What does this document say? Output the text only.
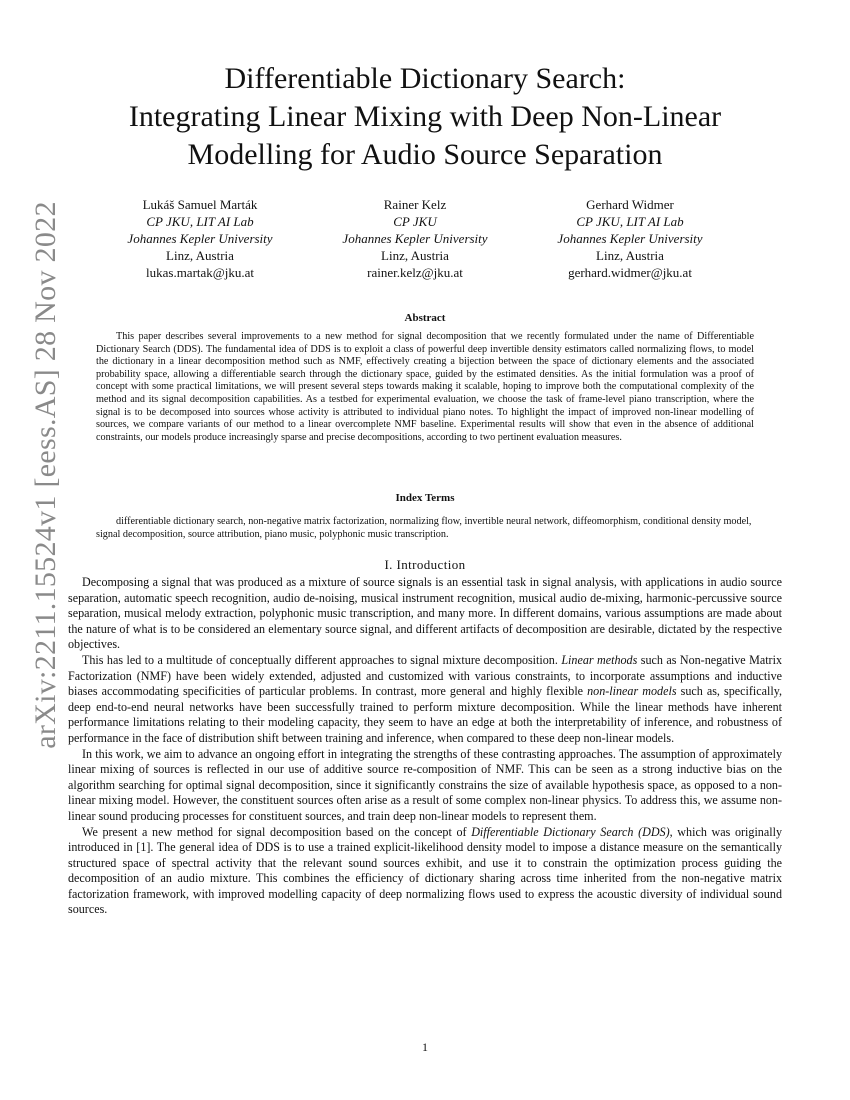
arXiv:2211.15524v1 [eess.AS] 28 Nov 2022
Differentiable Dictionary Search:
Integrating Linear Mixing with Deep Non-Linear
Modelling for Audio Source Separation
Lukáš Samuel Marták
CP JKU, LIT AI Lab
Johannes Kepler University
Linz, Austria
lukas.martak@jku.at
Rainer Kelz
CP JKU
Johannes Kepler University
Linz, Austria
rainer.kelz@jku.at
Gerhard Widmer
CP JKU, LIT AI Lab
Johannes Kepler University
Linz, Austria
gerhard.widmer@jku.at
Abstract

This paper describes several improvements to a new method for signal decomposition that we recently formulated under the name of Differentiable Dictionary Search (DDS). The fundamental idea of DDS is to exploit a class of powerful deep invertible density estimators called normalizing flows, to model the dictionary in a linear decomposition method such as NMF, effectively creating a bijection between the space of dictionary elements and the associated probability space, allowing a differentiable search through the dictionary space, guided by the estimated densities. As the initial formulation was a proof of concept with some practical limitations, we will present several steps towards making it scalable, hoping to improve both the computational complexity of the method and its signal decomposition capabilities. As a testbed for experimental evaluation, we choose the task of frame-level piano transcription, where the signal is to be decomposed into sources whose activity is attributed to individual piano notes. To highlight the impact of improved non-linear modelling of sources, we compare variants of our method to a linear overcomplete NMF baseline. Experimental results will show that even in the absence of additional constraints, our models produce increasingly sparse and precise decompositions, according to two pertinent evaluation measures.

Index Terms

differentiable dictionary search, non-negative matrix factorization, normalizing flow, invertible neural network, diffeomorphism, conditional density model, signal decomposition, source attribution, piano music, polyphonic music transcription.

I. Introduction

Decomposing a signal that was produced as a mixture of source signals is an essential task in signal analysis, with applications in audio source separation, automatic speech recognition, audio de-noising, musical instrument recognition, musical audio de-mixing, harmonic-percussive source separation, musical melody extraction, polyphonic music transcription, and many more. In different domains, various assumptions are made about the nature of what is to be considered an elementary source signal, and different artifacts of decomposition are desirable, dictated by the respective objectives.

This has led to a multitude of conceptually different approaches to signal mixture decomposition. Linear methods such as Non-negative Matrix Factorization (NMF) have been widely extended, adjusted and customized with various constraints, to incorporate assumptions and inductive biases accommodating specificities of particular problems. In contrast, more general and highly flexible non-linear models such as, specifically, deep end-to-end neural networks have been successfully trained to perform mixture decomposition. While the linear methods have inherent performance limitations relating to their modeling capacity, they seem to have an edge at both the interpretability of inference, and robustness of performance in the face of distribution shift between training and inference, when compared to these deep non-linear models.

In this work, we aim to advance an ongoing effort in integrating the strengths of these contrasting approaches. The assumption of approximately linear mixing of sources is reflected in our use of additive source re-composition of NMF. This can be seen as a strong inductive bias on the algorithm searching for optimal signal decomposition, since it significantly constrains the size of available hypothesis space, as opposed to a non-linear mixing model. However, the constituent sources often arise as a result of some complex non-linear physics. To address this, we assume non-linear sound producing processes for constituent sources, and train deep non-linear models to represent them.

We present a new method for signal decomposition based on the concept of Differentiable Dictionary Search (DDS), which was originally introduced in [1]. The general idea of DDS is to use a trained explicit-likelihood density model to impose a distance measure on the semantically structured space of spectral activity that the relevant sound sources exhibit, and use it to constrain the optimization process guiding the decomposition of an audio mixture. This combines the efficiency of dictionary sharing across time inherited from the non-negative matrix factorization framework, with improved modelling capacity of deep normalizing flows used to express the acoustic diversity of individual sound sources.

1
